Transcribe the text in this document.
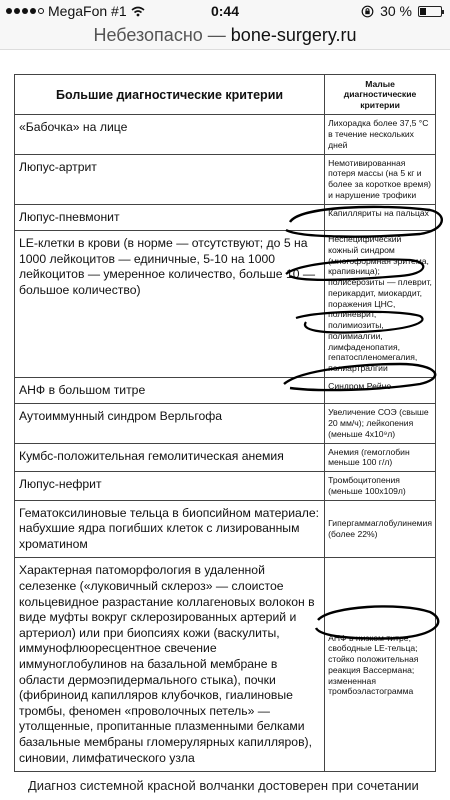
MegaFon #1	0:44	30 %
Небезопасно — bone-surgery.ru
Большие диагностические критерии	Малые диагностические критерии
«Бабочка» на лице	Лихорадка более 37,5 °С в течение нескольких дней
Люпус-артрит	Немотивированная потеря массы (на 5 кг и более за короткое время) и нарушение трофики
Люпус-пневмонит	Капилляриты на пальцах
LE-клетки в крови (в норме — отсутствуют; до 5 на 1000 лейкоцитов — единичные, 5-10 на 1000 лейкоцитов — умеренное количество, больше 10 — большое количество)	Неспецифический кожный синдром (многоформная эритема, крапивница); полисерозиты — плеврит, перикардит, миокардит, поражения ЦНС, полиневрит, полимиозиты, полимиалгии, лимфаденопатия, гепатоспленомегалия, полиартралгии
АНФ в большом титре	Синдром Рейно
Аутоиммунный синдром Верльгофа	Увеличение СОЭ (свыше 20 мм/ч); лейкопения (меньше 4х10⁹л)
Кумбс-положительная гемолитическая анемия	Анемия (гемоглобин меньше 100 г/л)
Люпус-нефрит	Тромбоцитопения (меньше 100х109л)
Гематоксилиновые тельца в биопсийном материале: набухшие ядра погибших клеток с лизированным хроматином	Гипергаммаглобулинемия (более 22%)
Характерная патоморфология в удаленной селезенке («луковичный склероз» — слоистое кольцевидное разрастание коллагеновых волокон в виде муфты вокруг склерозированных артерий и артериол) или при биопсиях кожи (васкулиты, иммунофлюоресцентное свечение иммуноглобулинов на базальной мембране в области дермоэпидермального стыка), почки (фибриноид капилляров клубочков, гиалиновые тромбы, феномен «проволочных петель» — утолщенные, пропитанные плазменными белками базальные мембраны гломерулярных капилляров), синовии, лимфатического узла	АНФ в низком титре; свободные LE-тельца; стойко положительная реакция Вассермана; измененная тромбоэластограмма
Диагноз системной красной волчанки достоверен при сочетании
